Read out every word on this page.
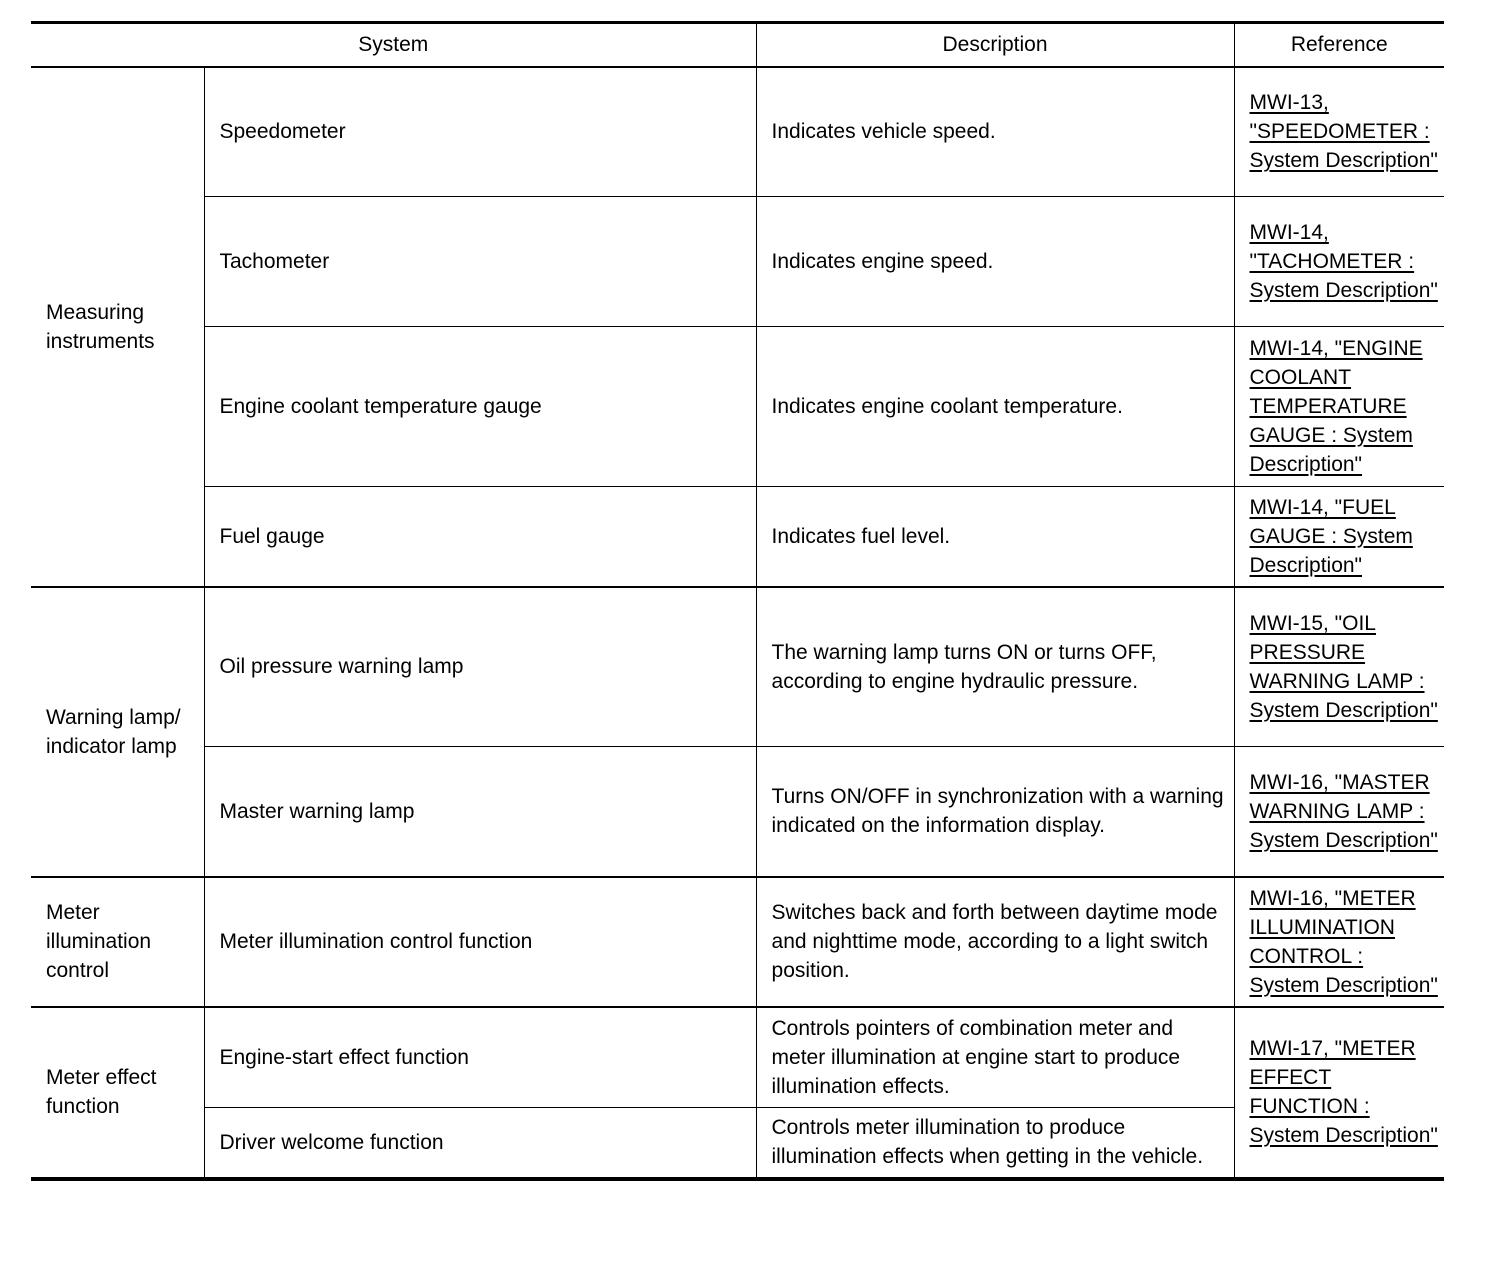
System		Description	Reference
Measuring instruments	Speedometer	Indicates vehicle speed.	MWI-13, "SPEEDOMETER : System Description"
	Tachometer	Indicates engine speed.	MWI-14, "TACHOMETER : System Description"
	Engine coolant temperature gauge	Indicates engine coolant temperature.	MWI-14, "ENGINE COOLANT TEMPERATURE GAUGE : System Description"
	Fuel gauge	Indicates fuel level.	MWI-14, "FUEL GAUGE : System Description"
Warning lamp/ indicator lamp	Oil pressure warning lamp	The warning lamp turns ON or turns OFF, according to engine hydraulic pressure.	MWI-15, "OIL PRESSURE WARNING LAMP : System Description"
	Master warning lamp	Turns ON/OFF in synchronization with a warning indicated on the information display.	MWI-16, "MASTER WARNING LAMP : System Description"
Meter illumination control	Meter illumination control function	Switches back and forth between daytime mode and nighttime mode, according to a light switch position.	MWI-16, "METER ILLUMINATION CONTROL : System Description"
Meter effect function	Engine-start effect function	Controls pointers of combination meter and meter illumination at engine start to produce illumination effects.	MWI-17, "METER EFFECT FUNCTION : System Description"
	Driver welcome function	Controls meter illumination to produce illumination effects when getting in the vehicle.	
